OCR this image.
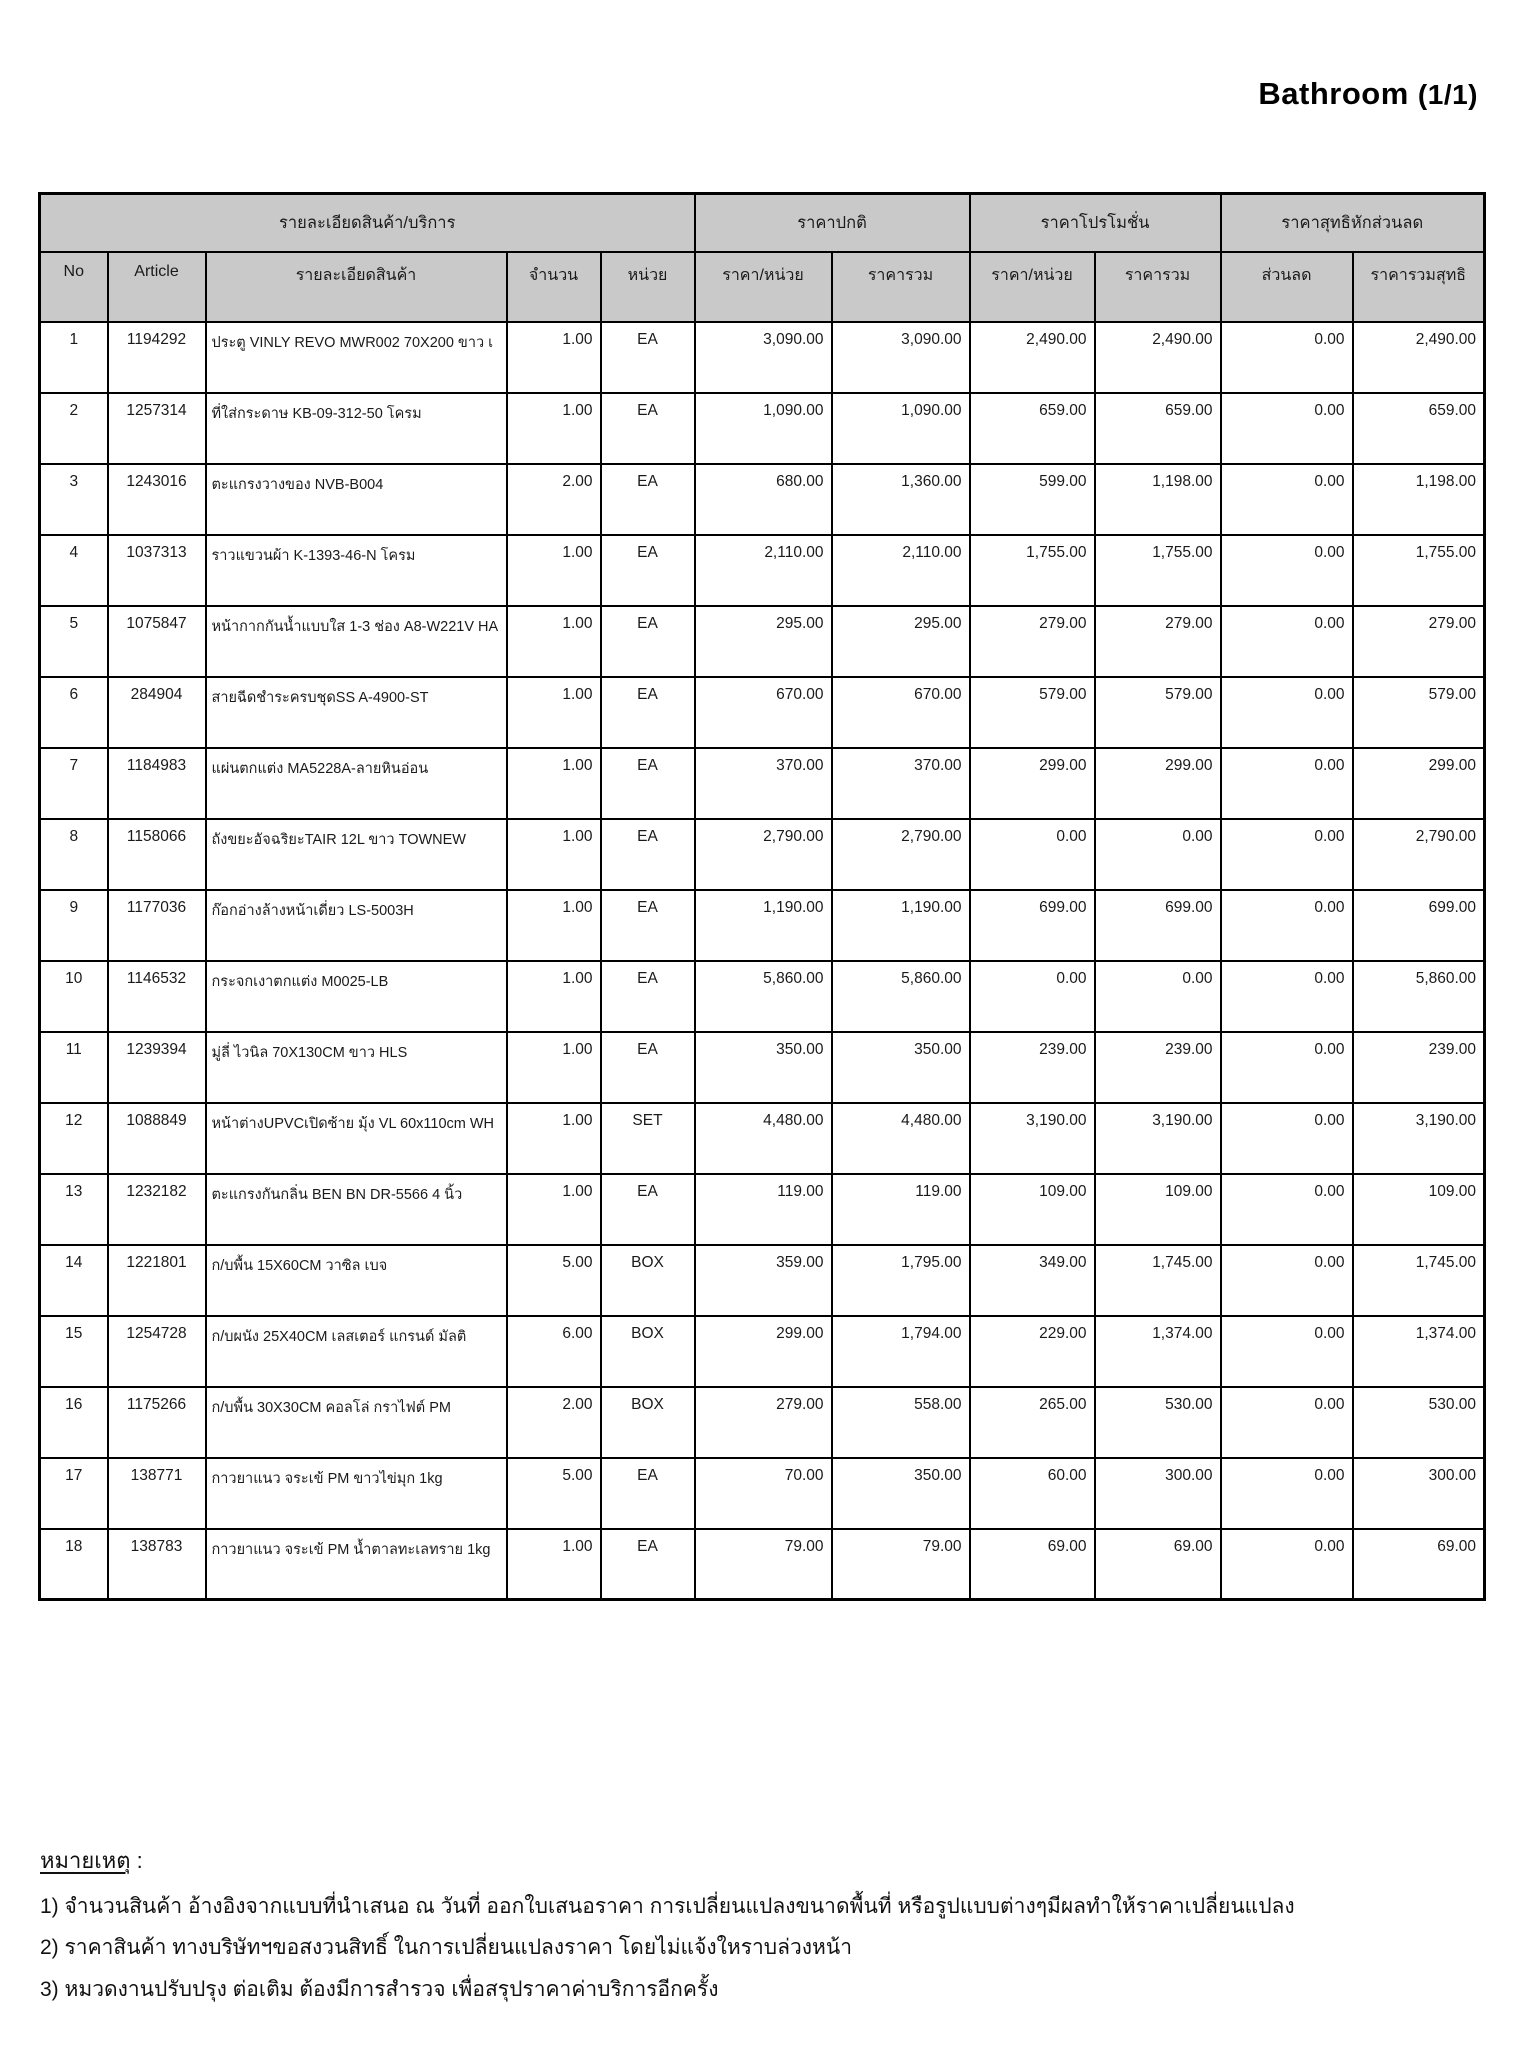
Bathroom (1/1)
รายละเอียดสินค้า/บริการ					ราคาปกติ		ราคาโปรโมชั่น		ราคาสุทธิหักส่วนลด	
No	Article	รายละเอียดสินค้า	จำนวน	หน่วย	ราคา/หน่วย	ราคารวม	ราคา/หน่วย	ราคารวม	ส่วนลด	ราคารวมสุทธิ
1	1194292	ประตู VINLY REVO MWR002 70X200 ขาว เ	1.00	EA	3,090.00	3,090.00	2,490.00	2,490.00	0.00	2,490.00
2	1257314	ที่ใส่กระดาษ KB-09-312-50 โครม	1.00	EA	1,090.00	1,090.00	659.00	659.00	0.00	659.00
3	1243016	ตะแกรงวางของ NVB-B004	2.00	EA	680.00	1,360.00	599.00	1,198.00	0.00	1,198.00
4	1037313	ราวแขวนผ้า K-1393-46-N โครม	1.00	EA	2,110.00	2,110.00	1,755.00	1,755.00	0.00	1,755.00
5	1075847	หน้ากากกันน้ำแบบใส 1-3 ช่อง A8-W221V HA	1.00	EA	295.00	295.00	279.00	279.00	0.00	279.00
6	284904	สายฉีดชำระครบชุดSS A-4900-ST	1.00	EA	670.00	670.00	579.00	579.00	0.00	579.00
7	1184983	แผ่นตกแต่ง MA5228A-ลายหินอ่อน	1.00	EA	370.00	370.00	299.00	299.00	0.00	299.00
8	1158066	ถังขยะอัจฉริยะTAIR 12L ขาว TOWNEW	1.00	EA	2,790.00	2,790.00	0.00	0.00	0.00	2,790.00
9	1177036	ก๊อกอ่างล้างหน้าเดี่ยว LS-5003H	1.00	EA	1,190.00	1,190.00	699.00	699.00	0.00	699.00
10	1146532	กระจกเงาตกแต่ง M0025-LB	1.00	EA	5,860.00	5,860.00	0.00	0.00	0.00	5,860.00
11	1239394	มู่ลี่ ไวนิล 70X130CM ขาว HLS	1.00	EA	350.00	350.00	239.00	239.00	0.00	239.00
12	1088849	หน้าต่างUPVCเปิดซ้าย มุ้ง VL 60x110cm WH	1.00	SET	4,480.00	4,480.00	3,190.00	3,190.00	0.00	3,190.00
13	1232182	ตะแกรงกันกลิ่น BEN BN DR-5566 4 นิ้ว	1.00	EA	119.00	119.00	109.00	109.00	0.00	109.00
14	1221801	ก/บพื้น 15X60CM วาซิล เบจ	5.00	BOX	359.00	1,795.00	349.00	1,745.00	0.00	1,745.00
15	1254728	ก/บผนัง 25X40CM เลสเตอร์ แกรนด์ มัลติ	6.00	BOX	299.00	1,794.00	229.00	1,374.00	0.00	1,374.00
16	1175266	ก/บพื้น 30X30CM คอลโล่ กราไฟต์ PM	2.00	BOX	279.00	558.00	265.00	530.00	0.00	530.00
17	138771	กาวยาแนว จระเข้ PM ขาวไข่มุก 1kg	5.00	EA	70.00	350.00	60.00	300.00	0.00	300.00
18	138783	กาวยาแนว จระเข้ PM น้ำตาลทะเลทราย 1kg	1.00	EA	79.00	79.00	69.00	69.00	0.00	69.00
หมายเหตุ :
1) จำนวนสินค้า อ้างอิงจากแบบที่นำเสนอ ณ วันที่ ออกใบเสนอราคา การเปลี่ยนแปลงขนาดพื้นที่ หรือรูปแบบต่างๆมีผลทำให้ราคาเปลี่ยนแปลง
2) ราคาสินค้า ทางบริษัทฯขอสงวนสิทธิ์ ในการเปลี่ยนแปลงราคา โดยไม่แจ้งใหราบล่วงหน้า
3) หมวดงานปรับปรุง ต่อเติม ต้องมีการสำรวจ เพื่อสรุปราคาค่าบริการอีกครั้ง
